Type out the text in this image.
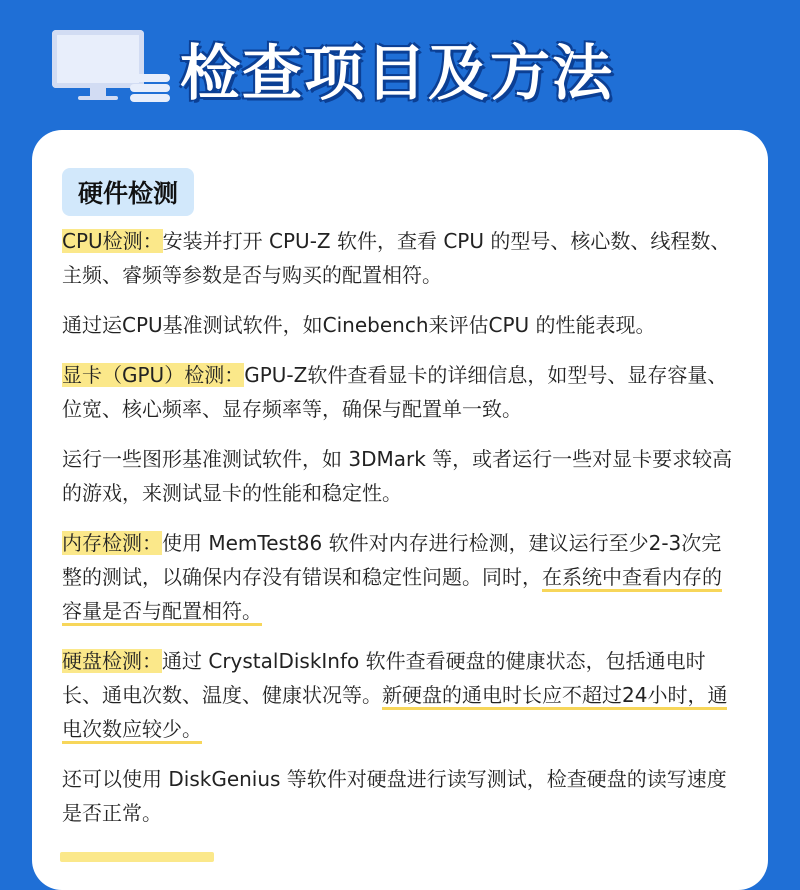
检查项目及方法
硬件检测

CPU检测：安装并打开 CPU-Z 软件，查看 CPU 的型号、核心数、线程数、主频、睿频等参数是否与购买的配置相符。

通过运CPU基准测试软件，如Cinebench来评估CPU 的性能表现。

显卡（GPU）检测：GPU-Z软件查看显卡的详细信息，如型号、显存容量、位宽、核心频率、显存频率等，确保与配置单一致。

运行一些图形基准测试软件，如 3DMark 等，或者运行一些对显卡要求较高的游戏，来测试显卡的性能和稳定性。

内存检测：使用 MemTest86 软件对内存进行检测，建议运行至少2-3次完整的测试，以确保内存没有错误和稳定性问题。同时，在系统中查看内存的容量是否与配置相符。

硬盘检测：通过 CrystalDiskInfo 软件查看硬盘的健康状态，包括通电时长、通电次数、温度、健康状况等。新硬盘的通电时长应不超过24小时，通电次数应较少。

还可以使用 DiskGenius 等软件对硬盘进行读写测试，检查硬盘的读写速度是否正常。
